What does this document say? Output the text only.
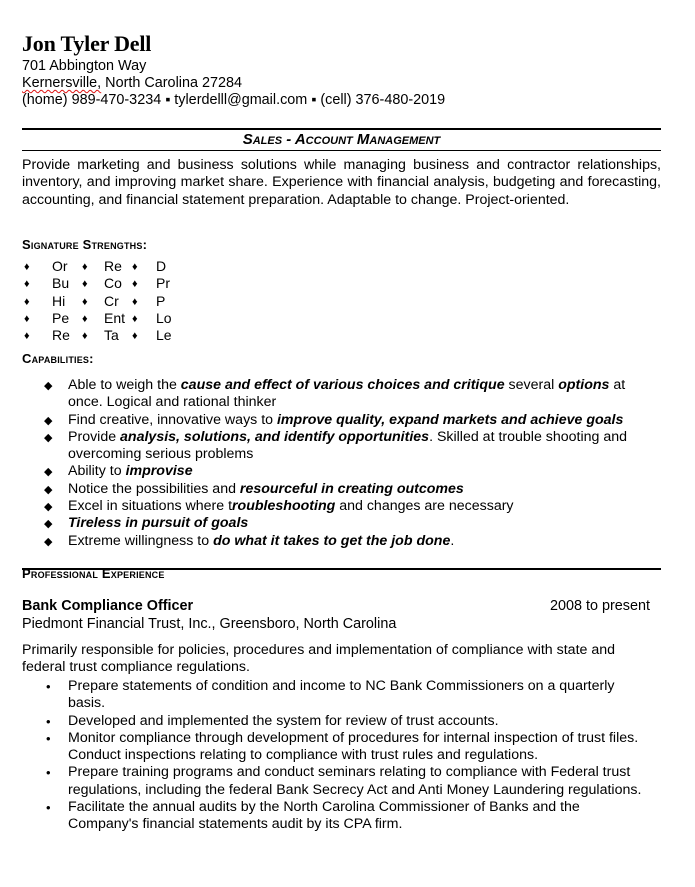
Jon Tyler Dell
701 Abbington Way
Kernersville, North Carolina 27284
(home) 989-470-3234 ▪ tylerdelll@gmail.com ▪ (cell) 376-480-2019
Sales - Account Management
Provide marketing and business solutions while managing business and contractor relationships, inventory, and improving market share. Experience with financial analysis, budgeting and forecasting, accounting, and financial statement preparation. Adaptable to change. Project-oriented.
Signature Strengths:
♦ Or	♦ Re ♦ D
♦ Bu	♦ Co ♦ Pr
♦ Hi	♦ Cr	♦ P
♦ Pe	♦ Ent ♦ Lo
♦ Re	♦ Ta	♦ Le
Capabilities:
◆ Able to weigh the cause and effect of various choices and critique several options at once. Logical and rational thinker
◆ Find creative, innovative ways to improve quality, expand markets and achieve goals
◆ Provide analysis, solutions, and identify opportunities. Skilled at trouble shooting and overcoming serious problems
◆ Ability to improvise
◆ Notice the possibilities and resourceful in creating outcomes
◆ Excel in situations where troubleshooting and changes are necessary
◆ Tireless in pursuit of goals
◆ Extreme willingness to do what it takes to get the job done.
Professional Experience
Bank Compliance Officer	2008 to present
Piedmont Financial Trust, Inc., Greensboro, North Carolina
Primarily responsible for policies, procedures and implementation of compliance with state and federal trust compliance regulations.
• Prepare statements of condition and income to NC Bank Commissioners on a quarterly basis.
• Developed and implemented the system for review of trust accounts.
• Monitor compliance through development of procedures for internal inspection of trust files. Conduct inspections relating to compliance with trust rules and regulations.
• Prepare training programs and conduct seminars relating to compliance with Federal trust regulations, including the federal Bank Secrecy Act and Anti Money Laundering regulations.
• Facilitate the annual audits by the North Carolina Commissioner of Banks and the Company's financial statements audit by its CPA firm.
